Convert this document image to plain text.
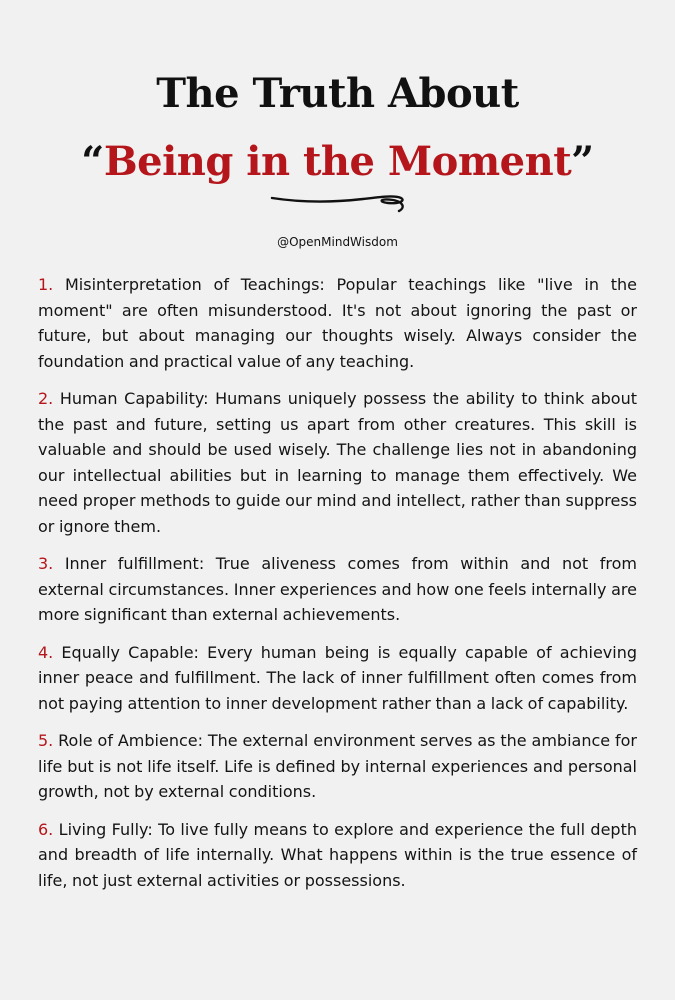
The Truth About
“Being in the Moment”

@OpenMindWisdom

1. Misinterpretation of Teachings: Popular teachings like "live in the moment" are often misunderstood. It's not about ignoring the past or future, but about managing our thoughts wisely. Always consider the foundation and practical value of any teaching.
2. Human Capability: Humans uniquely possess the ability to think about the past and future, setting us apart from other creatures. This skill is valuable and should be used wisely. The challenge lies not in abandoning our intellectual abilities but in learning to manage them effectively. We need proper methods to guide our mind and intellect, rather than suppress or ignore them.
3. Inner fulfillment: True aliveness comes from within and not from external circumstances. Inner experiences and how one feels internally are more significant than external achievements.
4. Equally Capable: Every human being is equally capable of achieving inner peace and fulfillment. The lack of inner fulfillment often comes from not paying attention to inner development rather than a lack of capability.
5. Role of Ambience: The external environment serves as the ambiance for life but is not life itself. Life is defined by internal experiences and personal growth, not by external conditions.
6. Living Fully: To live fully means to explore and experience the full depth and breadth of life internally. What happens within is the true essence of life, not just external activities or possessions.
